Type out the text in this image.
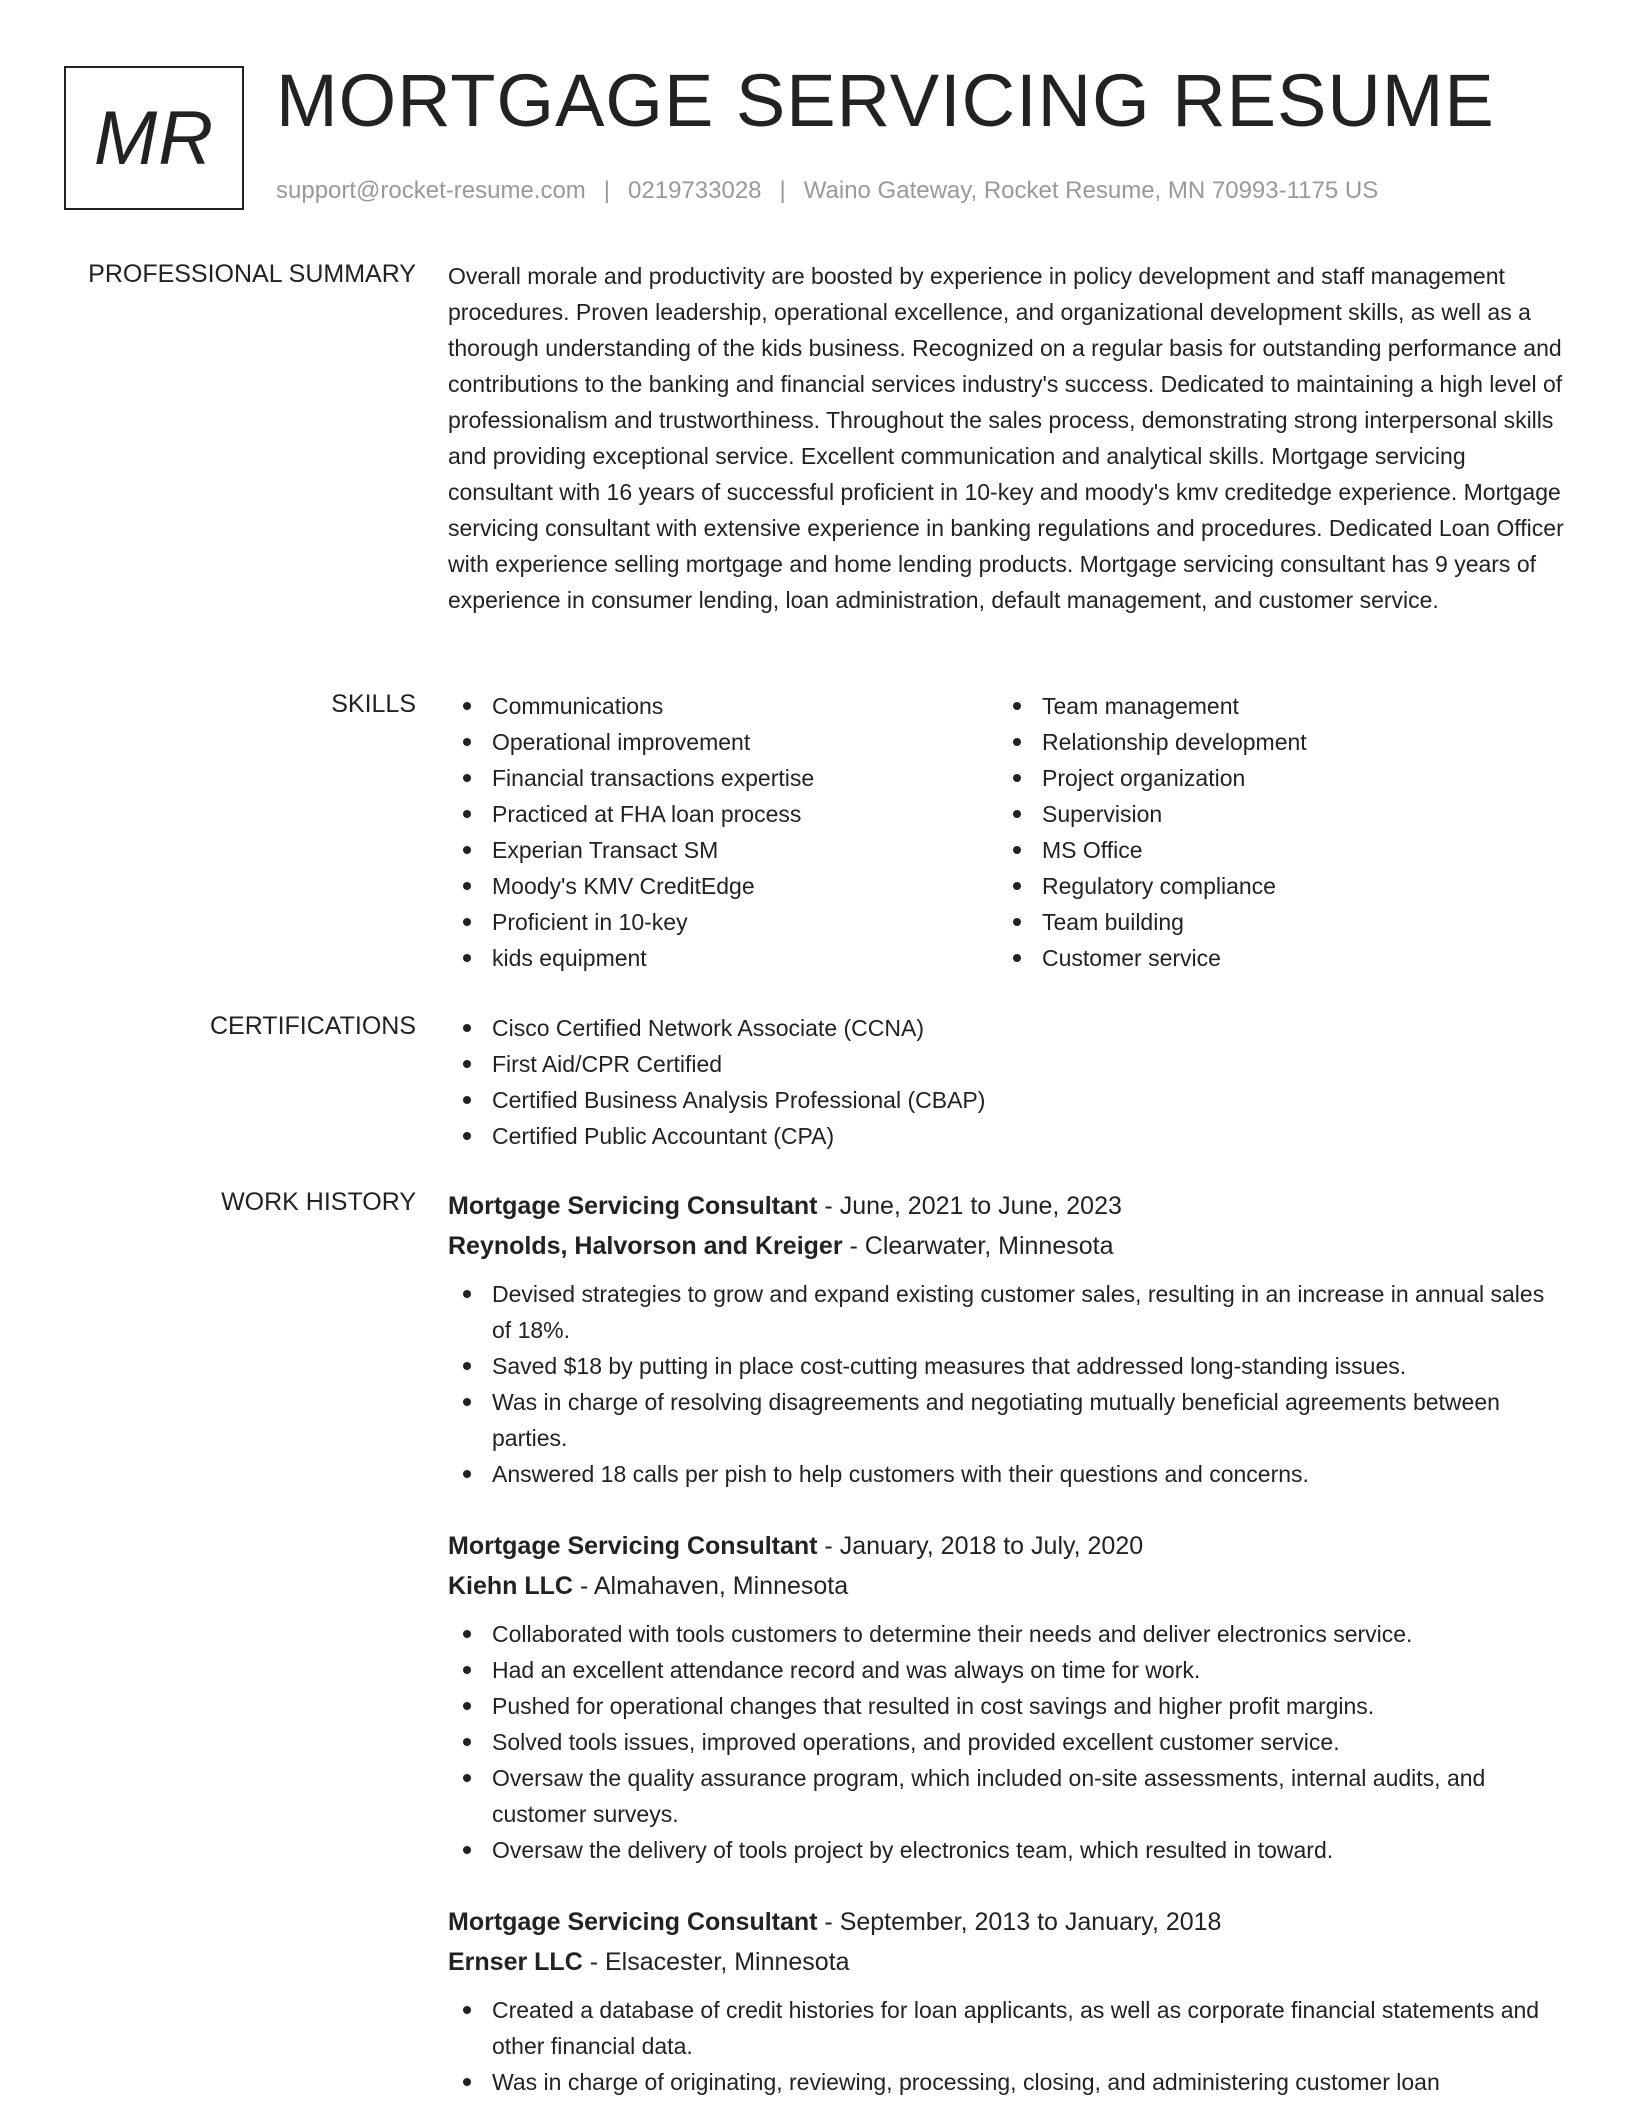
MR MORTGAGE SERVICING RESUME
support@rocket-resume.com | 0219733028 | Waino Gateway, Rocket Resume, MN 70993-1175 US
PROFESSIONAL SUMMARY Overall morale and productivity are boosted by experience in policy development and staff management procedures. Proven leadership, operational excellence, and organizational development skills, as well as a thorough understanding of the kids business. Recognized on a regular basis for outstanding performance and contributions to the banking and financial services industry's success. Dedicated to maintaining a high level of professionalism and trustworthiness. Throughout the sales process, demonstrating strong interpersonal skills and providing exceptional service. Excellent communication and analytical skills. Mortgage servicing consultant with 16 years of successful proficient in 10-key and moody's kmv creditedge experience. Mortgage servicing consultant with extensive experience in banking regulations and procedures. Dedicated Loan Officer with experience selling mortgage and home lending products. Mortgage servicing consultant has 9 years of experience in consumer lending, loan administration, default management, and customer service.
SKILLS	Communications
Operational improvement
Financial transactions expertise
Practiced at FHA loan process
Experian Transact SM
Moody's KMV CreditEdge
Proficient in 10-key
kids equipment
Team management
Relationship development
Project organization
Supervision
MS Office
Regulatory compliance
Team building
Customer service
CERTIFICATIONS	Cisco Certified Network Associate (CCNA)
First Aid/CPR Certified
Certified Business Analysis Professional (CBAP)
Certified Public Accountant (CPA)
WORK HISTORY Mortgage Servicing Consultant - June, 2021 to June, 2023
Reynolds, Halvorson and Kreiger - Clearwater, Minnesota
Devised strategies to grow and expand existing customer sales, resulting in an increase in annual sales of 18%.
Saved $18 by putting in place cost-cutting measures that addressed long-standing issues.
Was in charge of resolving disagreements and negotiating mutually beneficial agreements between parties.
Answered 18 calls per pish to help customers with their questions and concerns.
Mortgage Servicing Consultant - January, 2018 to July, 2020
Kiehn LLC - Almahaven, Minnesota
Collaborated with tools customers to determine their needs and deliver electronics service.
Had an excellent attendance record and was always on time for work.
Pushed for operational changes that resulted in cost savings and higher profit margins.
Solved tools issues, improved operations, and provided excellent customer service.
Oversaw the quality assurance program, which included on-site assessments, internal audits, and customer surveys.
Oversaw the delivery of tools project by electronics team, which resulted in toward.
Mortgage Servicing Consultant - September, 2013 to January, 2018
Ernser LLC - Elsacester, Minnesota
Created a database of credit histories for loan applicants, as well as corporate financial statements and other financial data.
Was in charge of originating, reviewing, processing, closing, and administering customer loan
